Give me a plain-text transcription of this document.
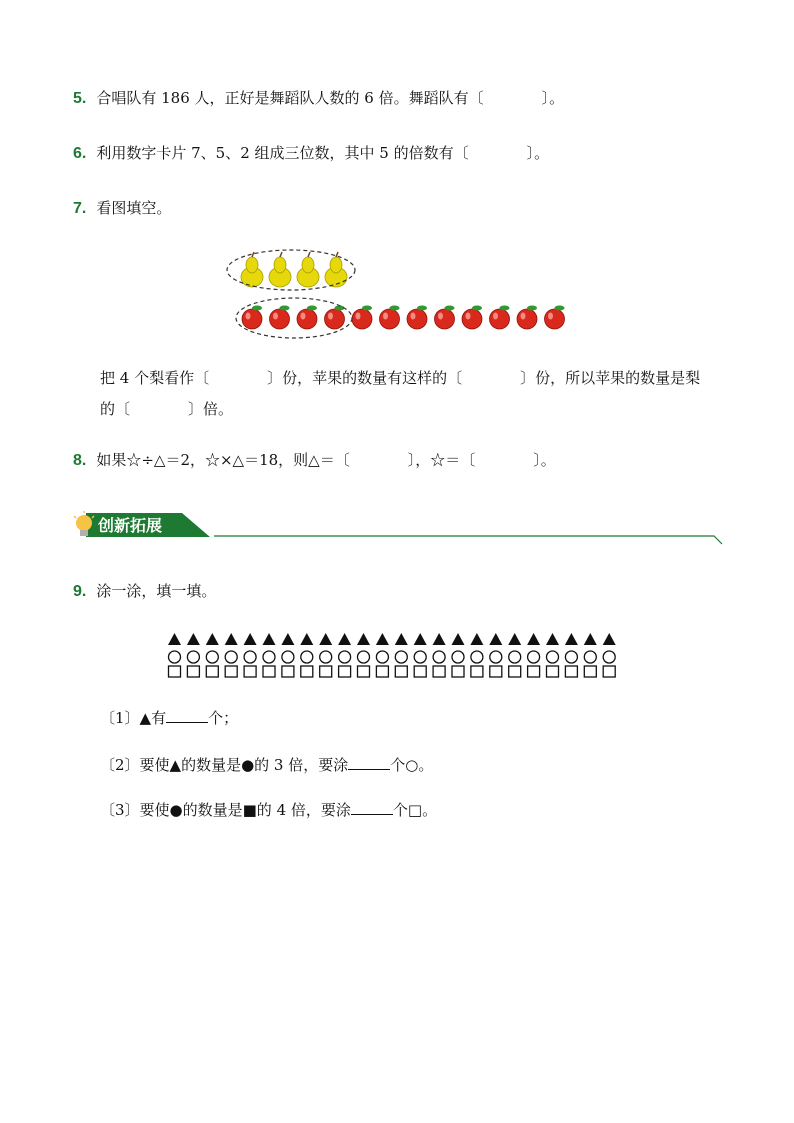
5. 合唱队有 186 人，正好是舞蹈队人数的 6 倍。舞蹈队有〔	〕。
6. 利用数字卡片 7、5、2 组成三位数，其中 5 的倍数有〔	〕。
7. 看图填空。
把 4 个梨看作〔	〕份，苹果的数量有这样的〔	〕份，所以苹果的数量是梨
的〔	〕倍。
8. 如果☆÷△＝2，☆×△＝18，则△＝〔	〕，☆＝〔	〕。
创新拓展
9. 涂一涂，填一填。
〔1〕▲有	个；
〔2〕要使▲的数量是●的 3 倍，要涂	个○。
〔3〕要使●的数量是■的 4 倍，要涂	个□。
